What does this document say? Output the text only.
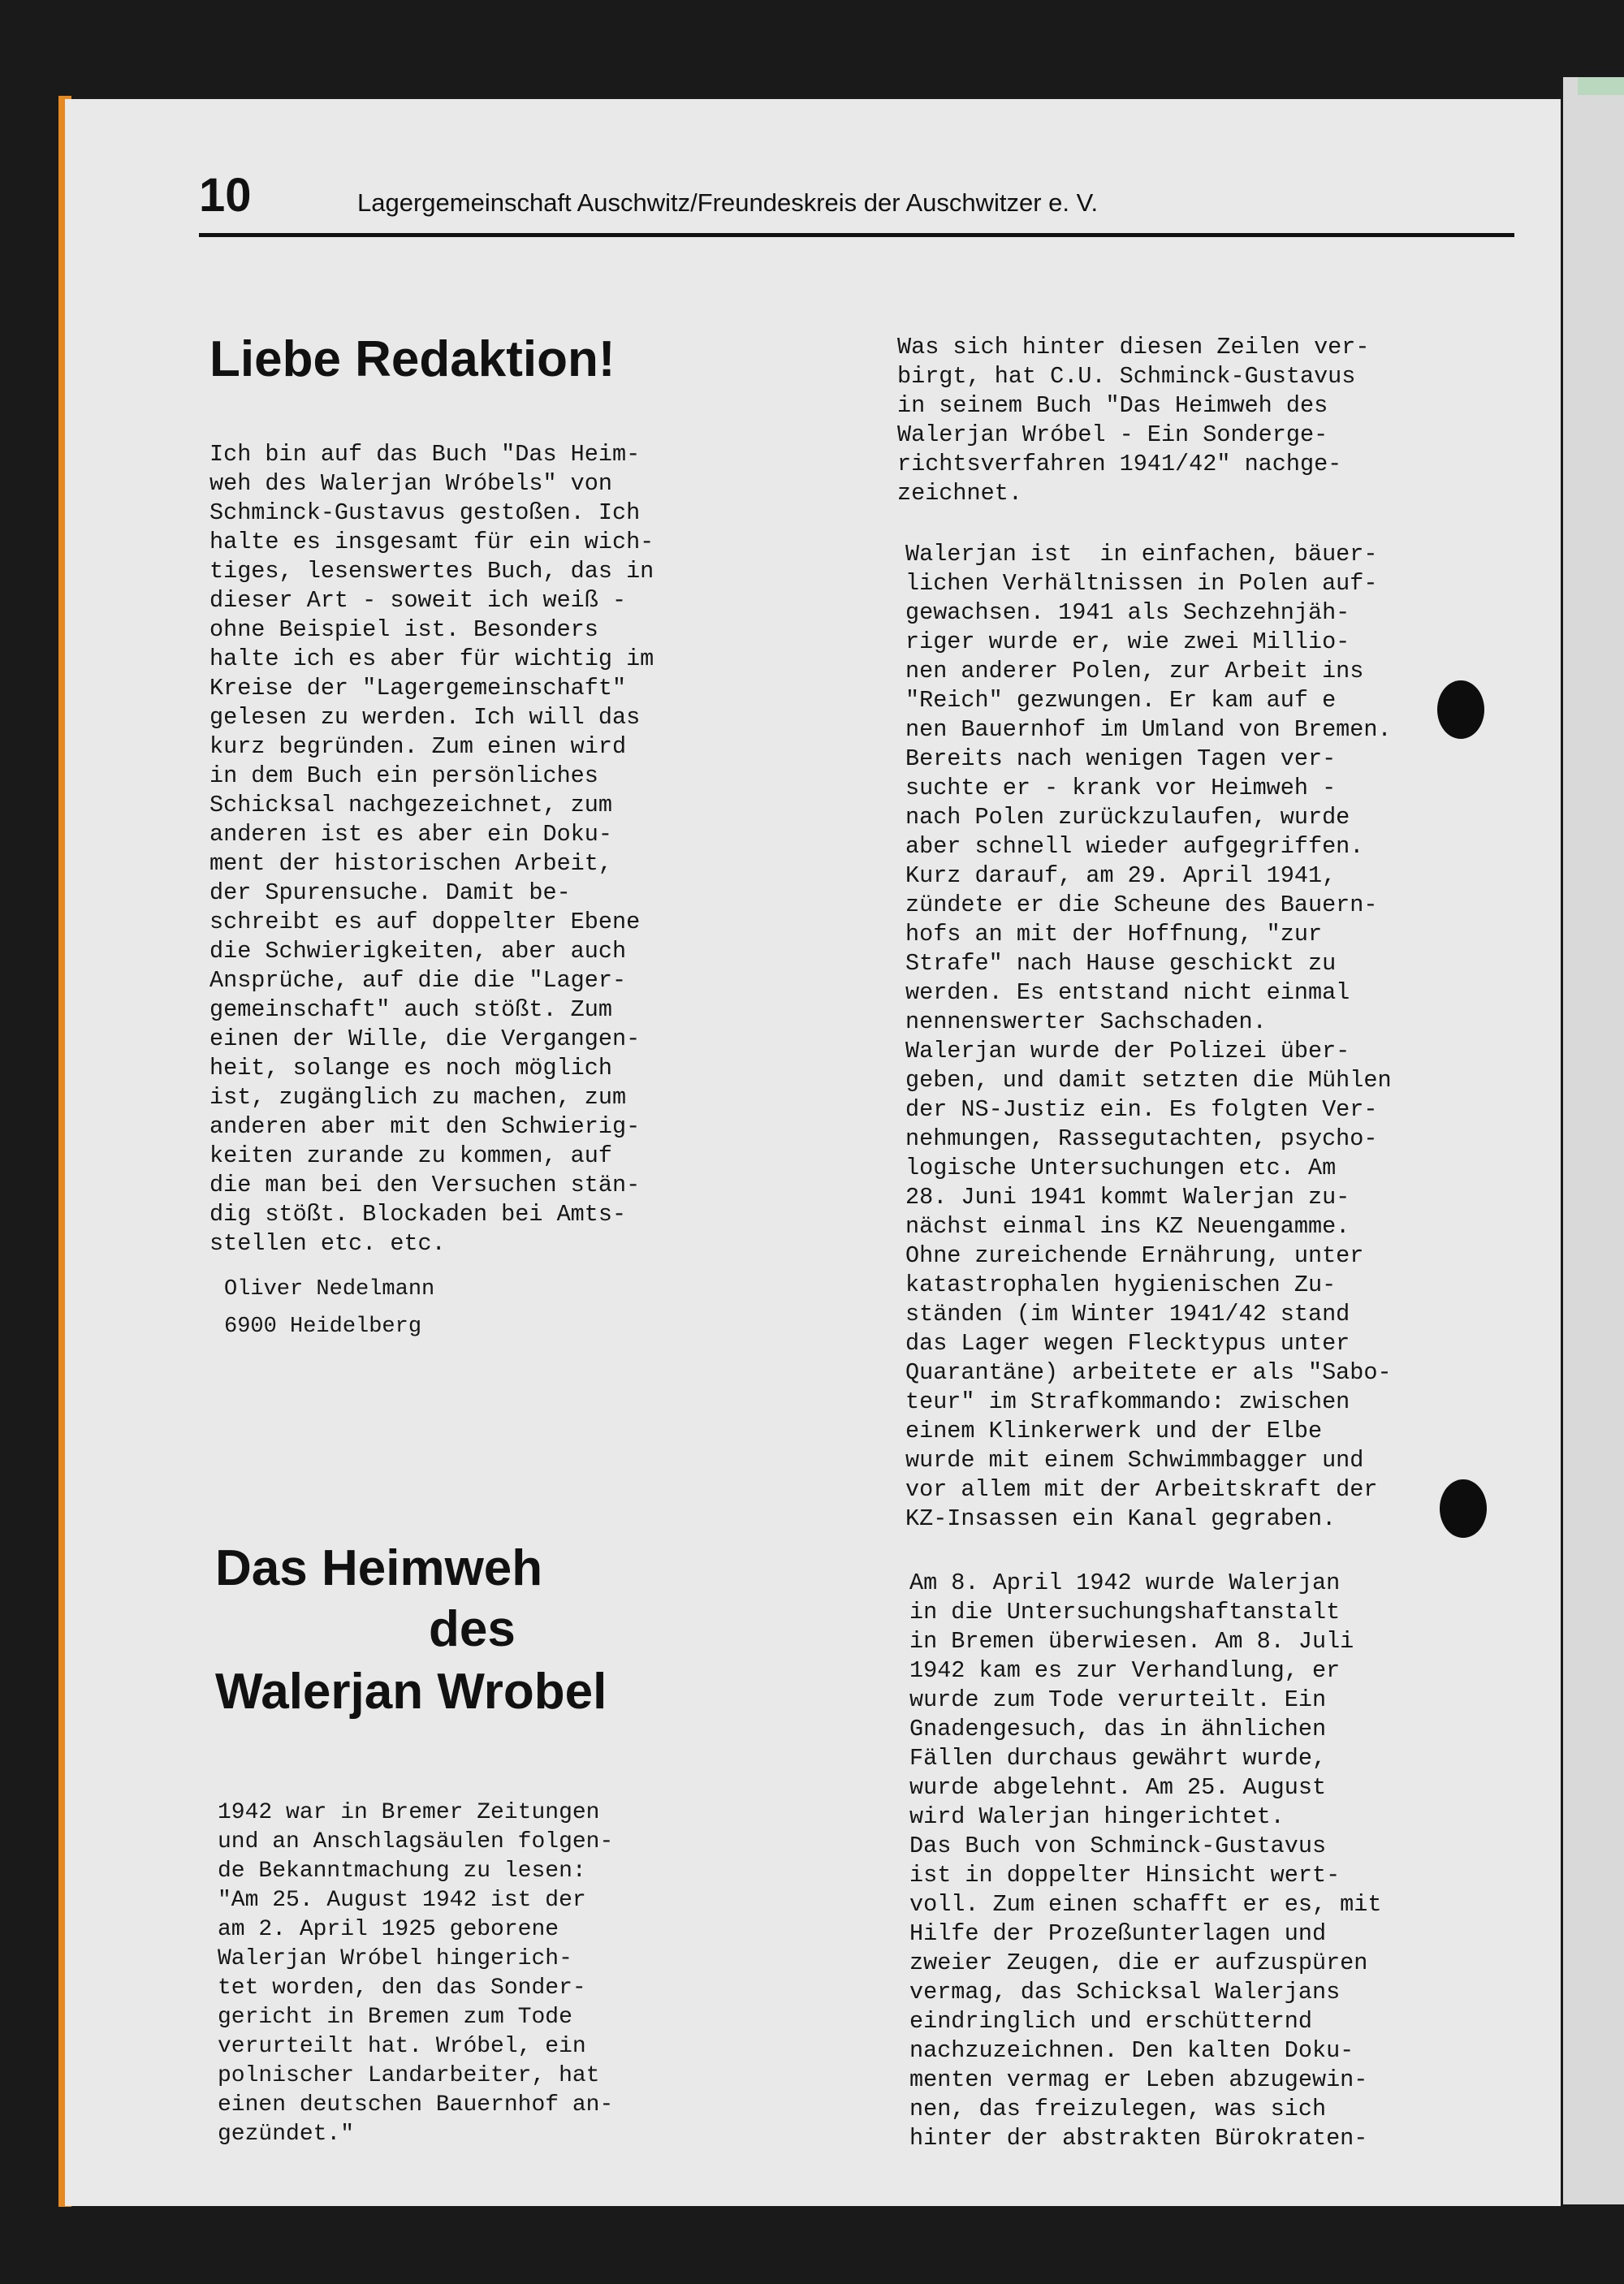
10	Lagergemeinschaft Auschwitz/Freundeskreis der Auschwitzer e. V.
Liebe Redaktion!
Ich bin auf das Buch "Das Heim-
weh des Walerjan Wróbels" von
Schminck-Gustavus gestoßen. Ich
halte es insgesamt für ein wich-
tiges, lesenswertes Buch, das in
dieser Art - soweit ich weiß -
ohne Beispiel ist. Besonders
halte ich es aber für wichtig im
Kreise der "Lagergemeinschaft"
gelesen zu werden. Ich will das
kurz begründen. Zum einen wird
in dem Buch ein persönliches
Schicksal nachgezeichnet, zum
anderen ist es aber ein Doku-
ment der historischen Arbeit,
der Spurensuche. Damit be-
schreibt es auf doppelter Ebene
die Schwierigkeiten, aber auch
Ansprüche, auf die die "Lager-
gemeinschaft" auch stößt. Zum
einen der Wille, die Vergangen-
heit, solange es noch möglich
ist, zugänglich zu machen, zum
anderen aber mit den Schwierig-
keiten zurande zu kommen, auf
die man bei den Versuchen stän-
dig stößt. Blockaden bei Amts-
stellen etc. etc.
Oliver Nedelmann
6900 Heidelberg
Das Heimweh
des
Walerjan Wrobel
1942 war in Bremer Zeitungen
und an Anschlagsäulen folgen-
de Bekanntmachung zu lesen:
"Am 25. August 1942 ist der
am 2. April 1925 geborene
Walerjan Wróbel hingerich-
tet worden, den das Sonder-
gericht in Bremen zum Tode
verurteilt hat. Wróbel, ein
polnischer Landarbeiter, hat
einen deutschen Bauernhof an-
gezündet."
Was sich hinter diesen Zeilen ver-
birgt, hat C.U. Schminck-Gustavus
in seinem Buch "Das Heimweh des
Walerjan Wróbel - Ein Sonderge-
richtsverfahren 1941/42" nachge-
zeichnet.
Walerjan ist  in einfachen, bäuer-
lichen Verhältnissen in Polen auf-
gewachsen. 1941 als Sechzehnjäh-
riger wurde er, wie zwei Millio-
nen anderer Polen, zur Arbeit ins
"Reich" gezwungen. Er kam auf e
nen Bauernhof im Umland von Bremen.
Bereits nach wenigen Tagen ver-
suchte er - krank vor Heimweh -
nach Polen zurückzulaufen, wurde
aber schnell wieder aufgegriffen.
Kurz darauf, am 29. April 1941,
zündete er die Scheune des Bauern-
hofs an mit der Hoffnung, "zur
Strafe" nach Hause geschickt zu
werden. Es entstand nicht einmal
nennenswerter Sachschaden.
Walerjan wurde der Polizei über-
geben, und damit setzten die Mühlen
der NS-Justiz ein. Es folgten Ver-
nehmungen, Rassegutachten, psycho-
logische Untersuchungen etc. Am
28. Juni 1941 kommt Walerjan zu-
nächst einmal ins KZ Neuengamme.
Ohne zureichende Ernährung, unter
katastrophalen hygienischen Zu-
ständen (im Winter 1941/42 stand
das Lager wegen Flecktypus unter
Quarantäne) arbeitete er als "Sabo-
teur" im Strafkommando: zwischen
einem Klinkerwerk und der Elbe
wurde mit einem Schwimmbagger und
vor allem mit der Arbeitskraft der
KZ-Insassen ein Kanal gegraben.
Am 8. April 1942 wurde Walerjan
in die Untersuchungshaftanstalt
in Bremen überwiesen. Am 8. Juli
1942 kam es zur Verhandlung, er
wurde zum Tode verurteilt. Ein
Gnadengesuch, das in ähnlichen
Fällen durchaus gewährt wurde,
wurde abgelehnt. Am 25. August
wird Walerjan hingerichtet.
Das Buch von Schminck-Gustavus
ist in doppelter Hinsicht wert-
voll. Zum einen schafft er es, mit
Hilfe der Prozeßunterlagen und
zweier Zeugen, die er aufzuspüren
vermag, das Schicksal Walerjans
eindringlich und erschütternd
nachzuzeichnen. Den kalten Doku-
menten vermag er Leben abzugewin-
nen, das freizulegen, was sich
hinter der abstrakten Bürokraten-
